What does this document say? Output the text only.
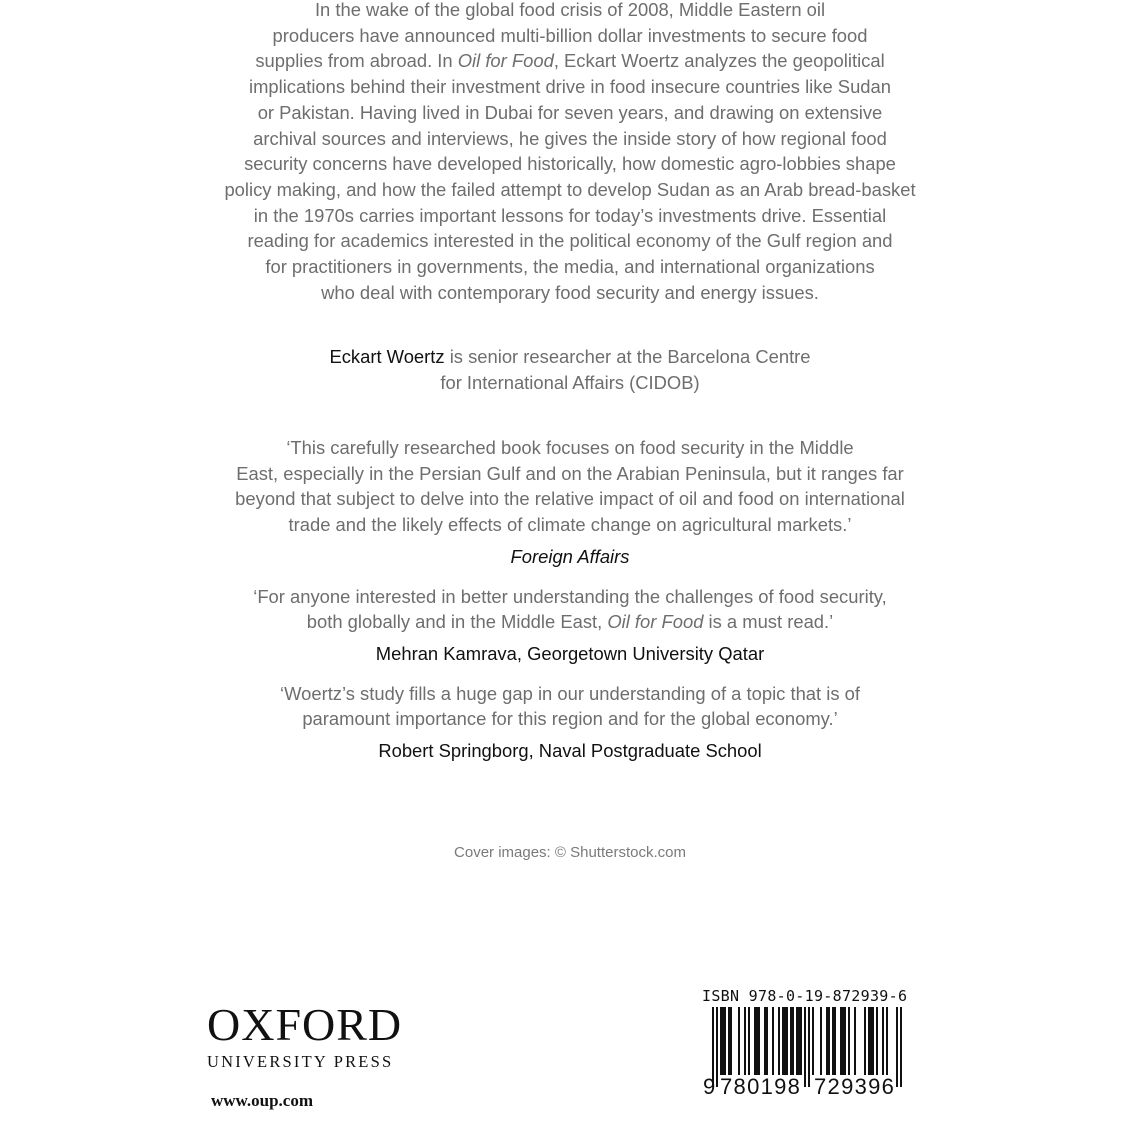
In the wake of the global food crisis of 2008, Middle Eastern oil

producers have announced multi-billion dollar investments to secure food

supplies from abroad. In Oil for Food, Eckart Woertz analyzes the geopolitical

implications behind their investment drive in food insecure countries like Sudan

or Pakistan. Having lived in Dubai for seven years, and drawing on extensive

archival sources and interviews, he gives the inside story of how regional food

security concerns have developed historically, how domestic agro-lobbies shape

policy making, and how the failed attempt to develop Sudan as an Arab bread-basket

in the 1970s carries important lessons for today’s investments drive. Essential

reading for academics interested in the political economy of the Gulf region and

for practitioners in governments, the media, and international organizations

who deal with contemporary food security and energy issues.

Eckart Woertz is senior researcher at the Barcelona Centre

for International Affairs (CIDOB)

‘This carefully researched book focuses on food security in the Middle

East, especially in the Persian Gulf and on the Arabian Peninsula, but it ranges far

beyond that subject to delve into the relative impact of oil and food on international

trade and the likely effects of climate change on agricultural markets.’

Foreign Affairs

‘For anyone interested in better understanding the challenges of food security,

both globally and in the Middle East, Oil for Food is a must read.’

Mehran Kamrava, Georgetown University Qatar

‘Woertz’s study fills a huge gap in our understanding of a topic that is of

paramount importance for this region and for the global economy.’

Robert Springborg, Naval Postgraduate School

Cover images: © Shutterstock.com
OXFORD
UNIVERSITY PRESS
www.oup.com
ISBN 978-0-19-872939-6
9 780198 729396
